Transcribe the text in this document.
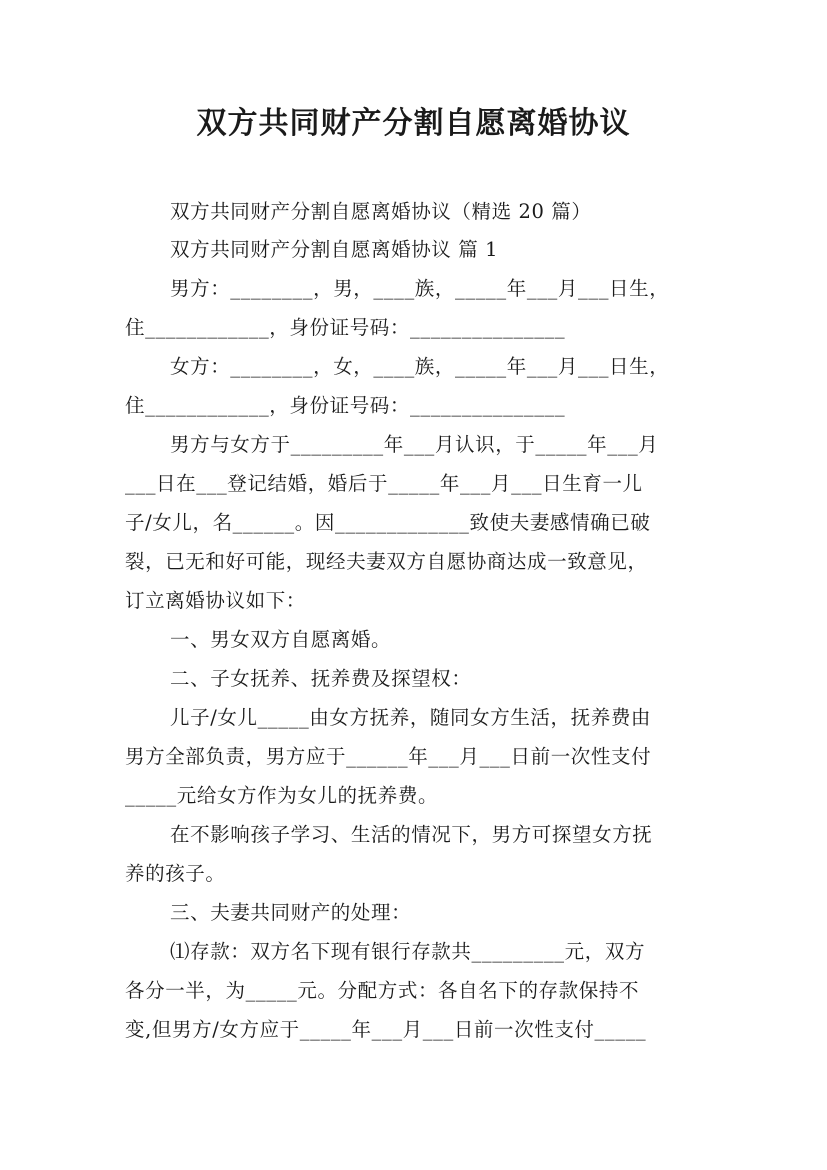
双方共同财产分割自愿离婚协议
双方共同财产分割自愿离婚协议（精选 20 篇）
双方共同财产分割自愿离婚协议 篇 1
男方：________，男，____族，_____年___月___日生，
住____________，身份证号码：_______________
女方：________，女，____族，_____年___月___日生，
住____________，身份证号码：_______________
男方与女方于_________年___月认识，于_____年___月
___日在___登记结婚，婚后于_____年___月___日生育一儿
子/女儿，名______。因_____________致使夫妻感情确已破
裂，已无和好可能，现经夫妻双方自愿协商达成一致意见，
订立离婚协议如下：
一、男女双方自愿离婚。
二、子女抚养、抚养费及探望权：
儿子/女儿_____由女方抚养，随同女方生活，抚养费由
男方全部负责，男方应于______年___月___日前一次性支付
_____元给女方作为女儿的抚养费。
在不影响孩子学习、生活的情况下，男方可探望女方抚
养的孩子。
三、夫妻共同财产的处理：
⑴存款：双方名下现有银行存款共_________元，双方
各分一半，为_____元。分配方式：各自名下的存款保持不
变,但男方/女方应于_____年___月___日前一次性支付_____
